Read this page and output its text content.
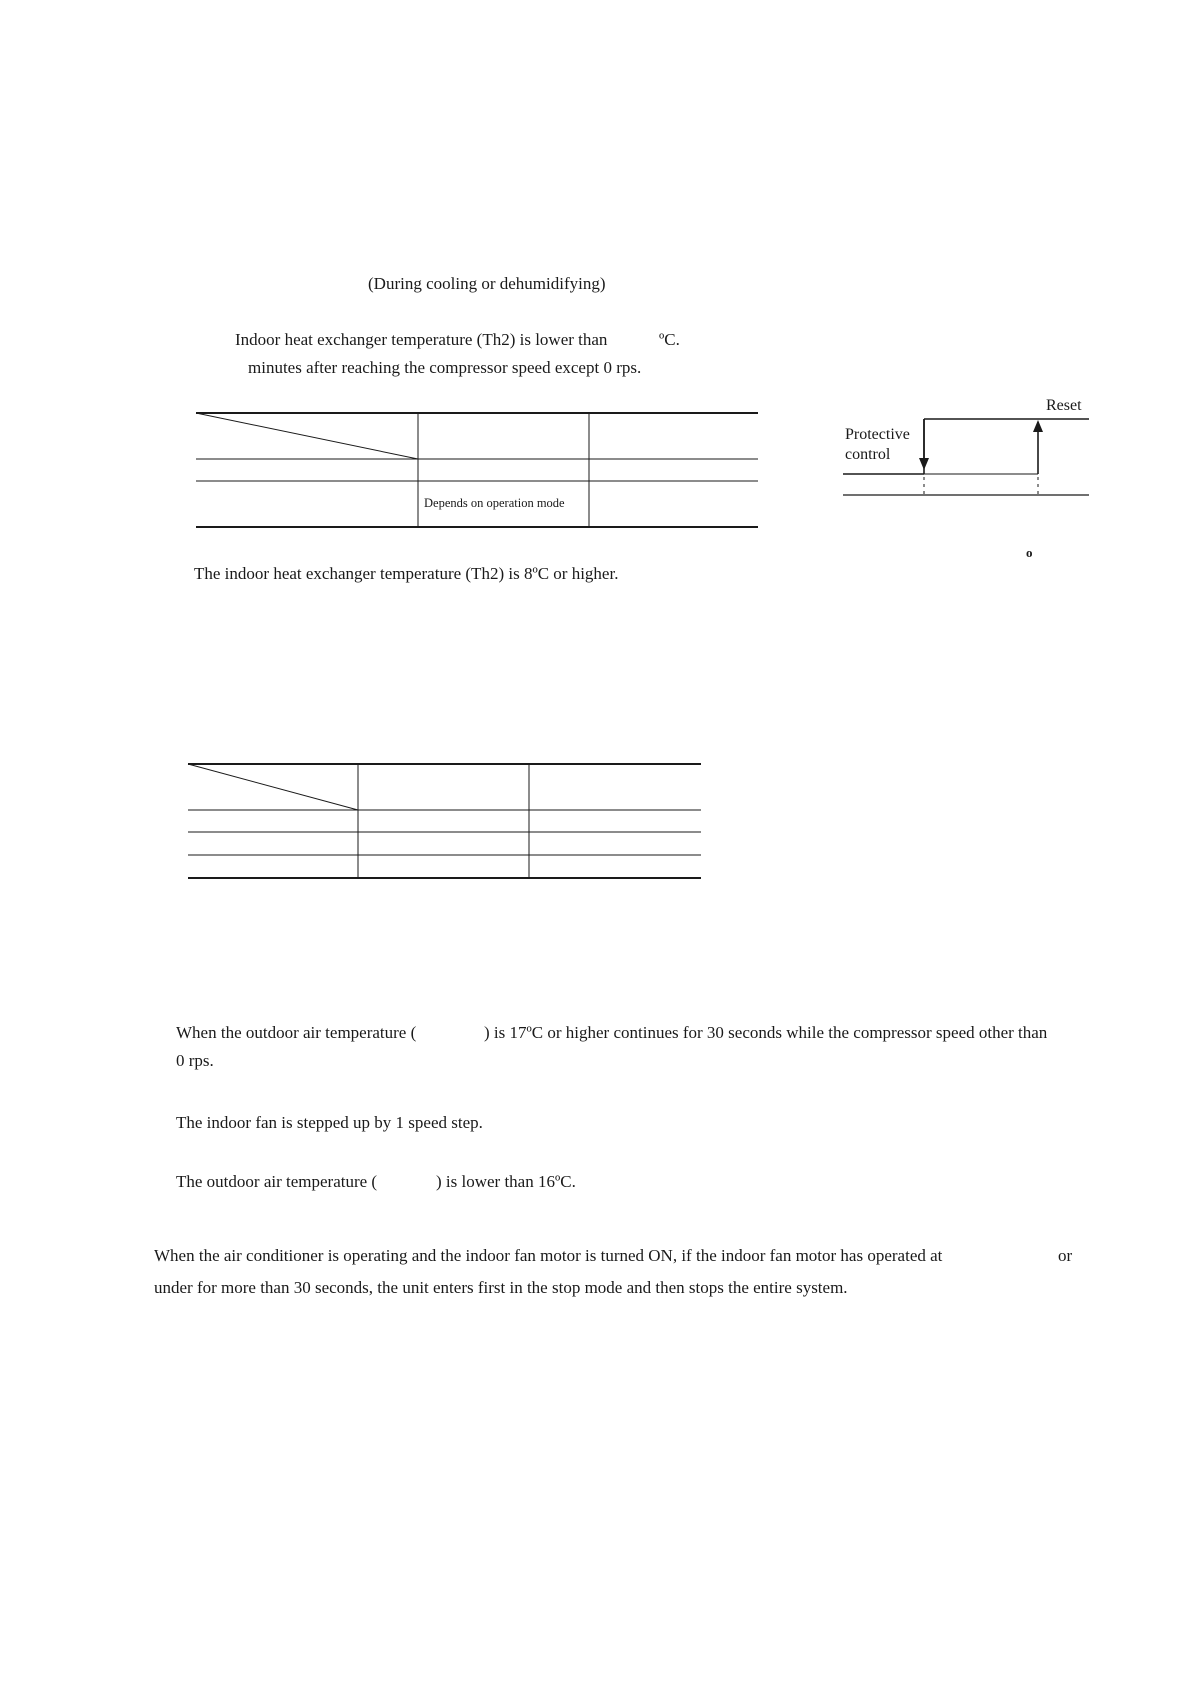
(During cooling or dehumidifying)
Indoor heat exchanger temperature (Th2) is lower than	ºC.
minutes after reaching the compressor speed except 0 rps.
Depends on operation mode
Reset
Protective
control
o
The indoor heat exchanger temperature (Th2) is 8ºC or higher.
When the outdoor air temperature (	) is 17ºC or higher continues for 30 seconds while the compressor speed other than
0 rps.
The indoor fan is stepped up by 1 speed step.
The outdoor air temperature (	) is lower than 16ºC.
When the air conditioner is operating and the indoor fan motor is turned ON, if the indoor fan motor has operated at	or
under for more than 30 seconds, the unit enters first in the stop mode and then stops the entire system.
